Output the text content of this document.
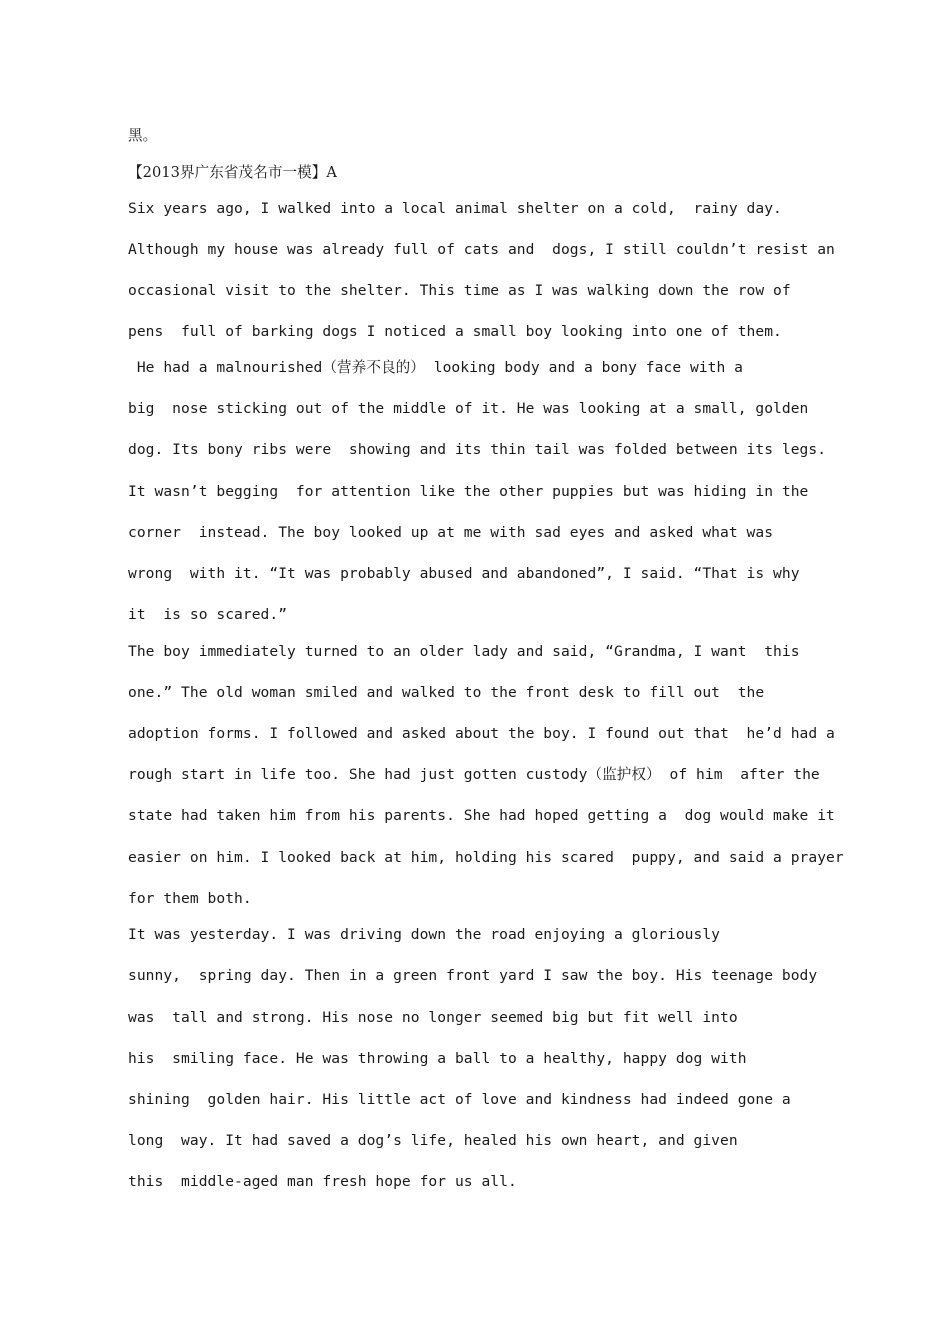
黑。
【2013界广东省茂名市一模】A
Six years ago, I walked into a local animal shelter on a cold,  rainy day.
Although my house was already full of cats and  dogs, I still couldn’t resist an
occasional visit to the shelter. This time as I was walking down the row of
pens  full of barking dogs I noticed a small boy looking into one of them.
He had a malnourished（营养不良的） looking body and a bony face with a
big  nose sticking out of the middle of it. He was looking at a small, golden
dog. Its bony ribs were  showing and its thin tail was folded between its legs.
It wasn’t begging  for attention like the other puppies but was hiding in the
corner  instead. The boy looked up at me with sad eyes and asked what was
wrong  with it. “It was probably abused and abandoned”, I said. “That is why
it  is so scared.”
The boy immediately turned to an older lady and said, “Grandma, I want  this
one.” The old woman smiled and walked to the front desk to fill out  the
adoption forms. I followed and asked about the boy. I found out that  he’d had a
rough start in life too. She had just gotten custody（监护权） of him  after the
state had taken him from his parents. She had hoped getting a  dog would make it
easier on him. I looked back at him, holding his scared  puppy, and said a prayer
for them both.
It was yesterday. I was driving down the road enjoying a gloriously
sunny,  spring day. Then in a green front yard I saw the boy. His teenage body
was  tall and strong. His nose no longer seemed big but fit well into
his  smiling face. He was throwing a ball to a healthy, happy dog with
shining  golden hair. His little act of love and kindness had indeed gone a
long  way. It had saved a dog’s life, healed his own heart, and given
this  middle-aged man fresh hope for us all.
